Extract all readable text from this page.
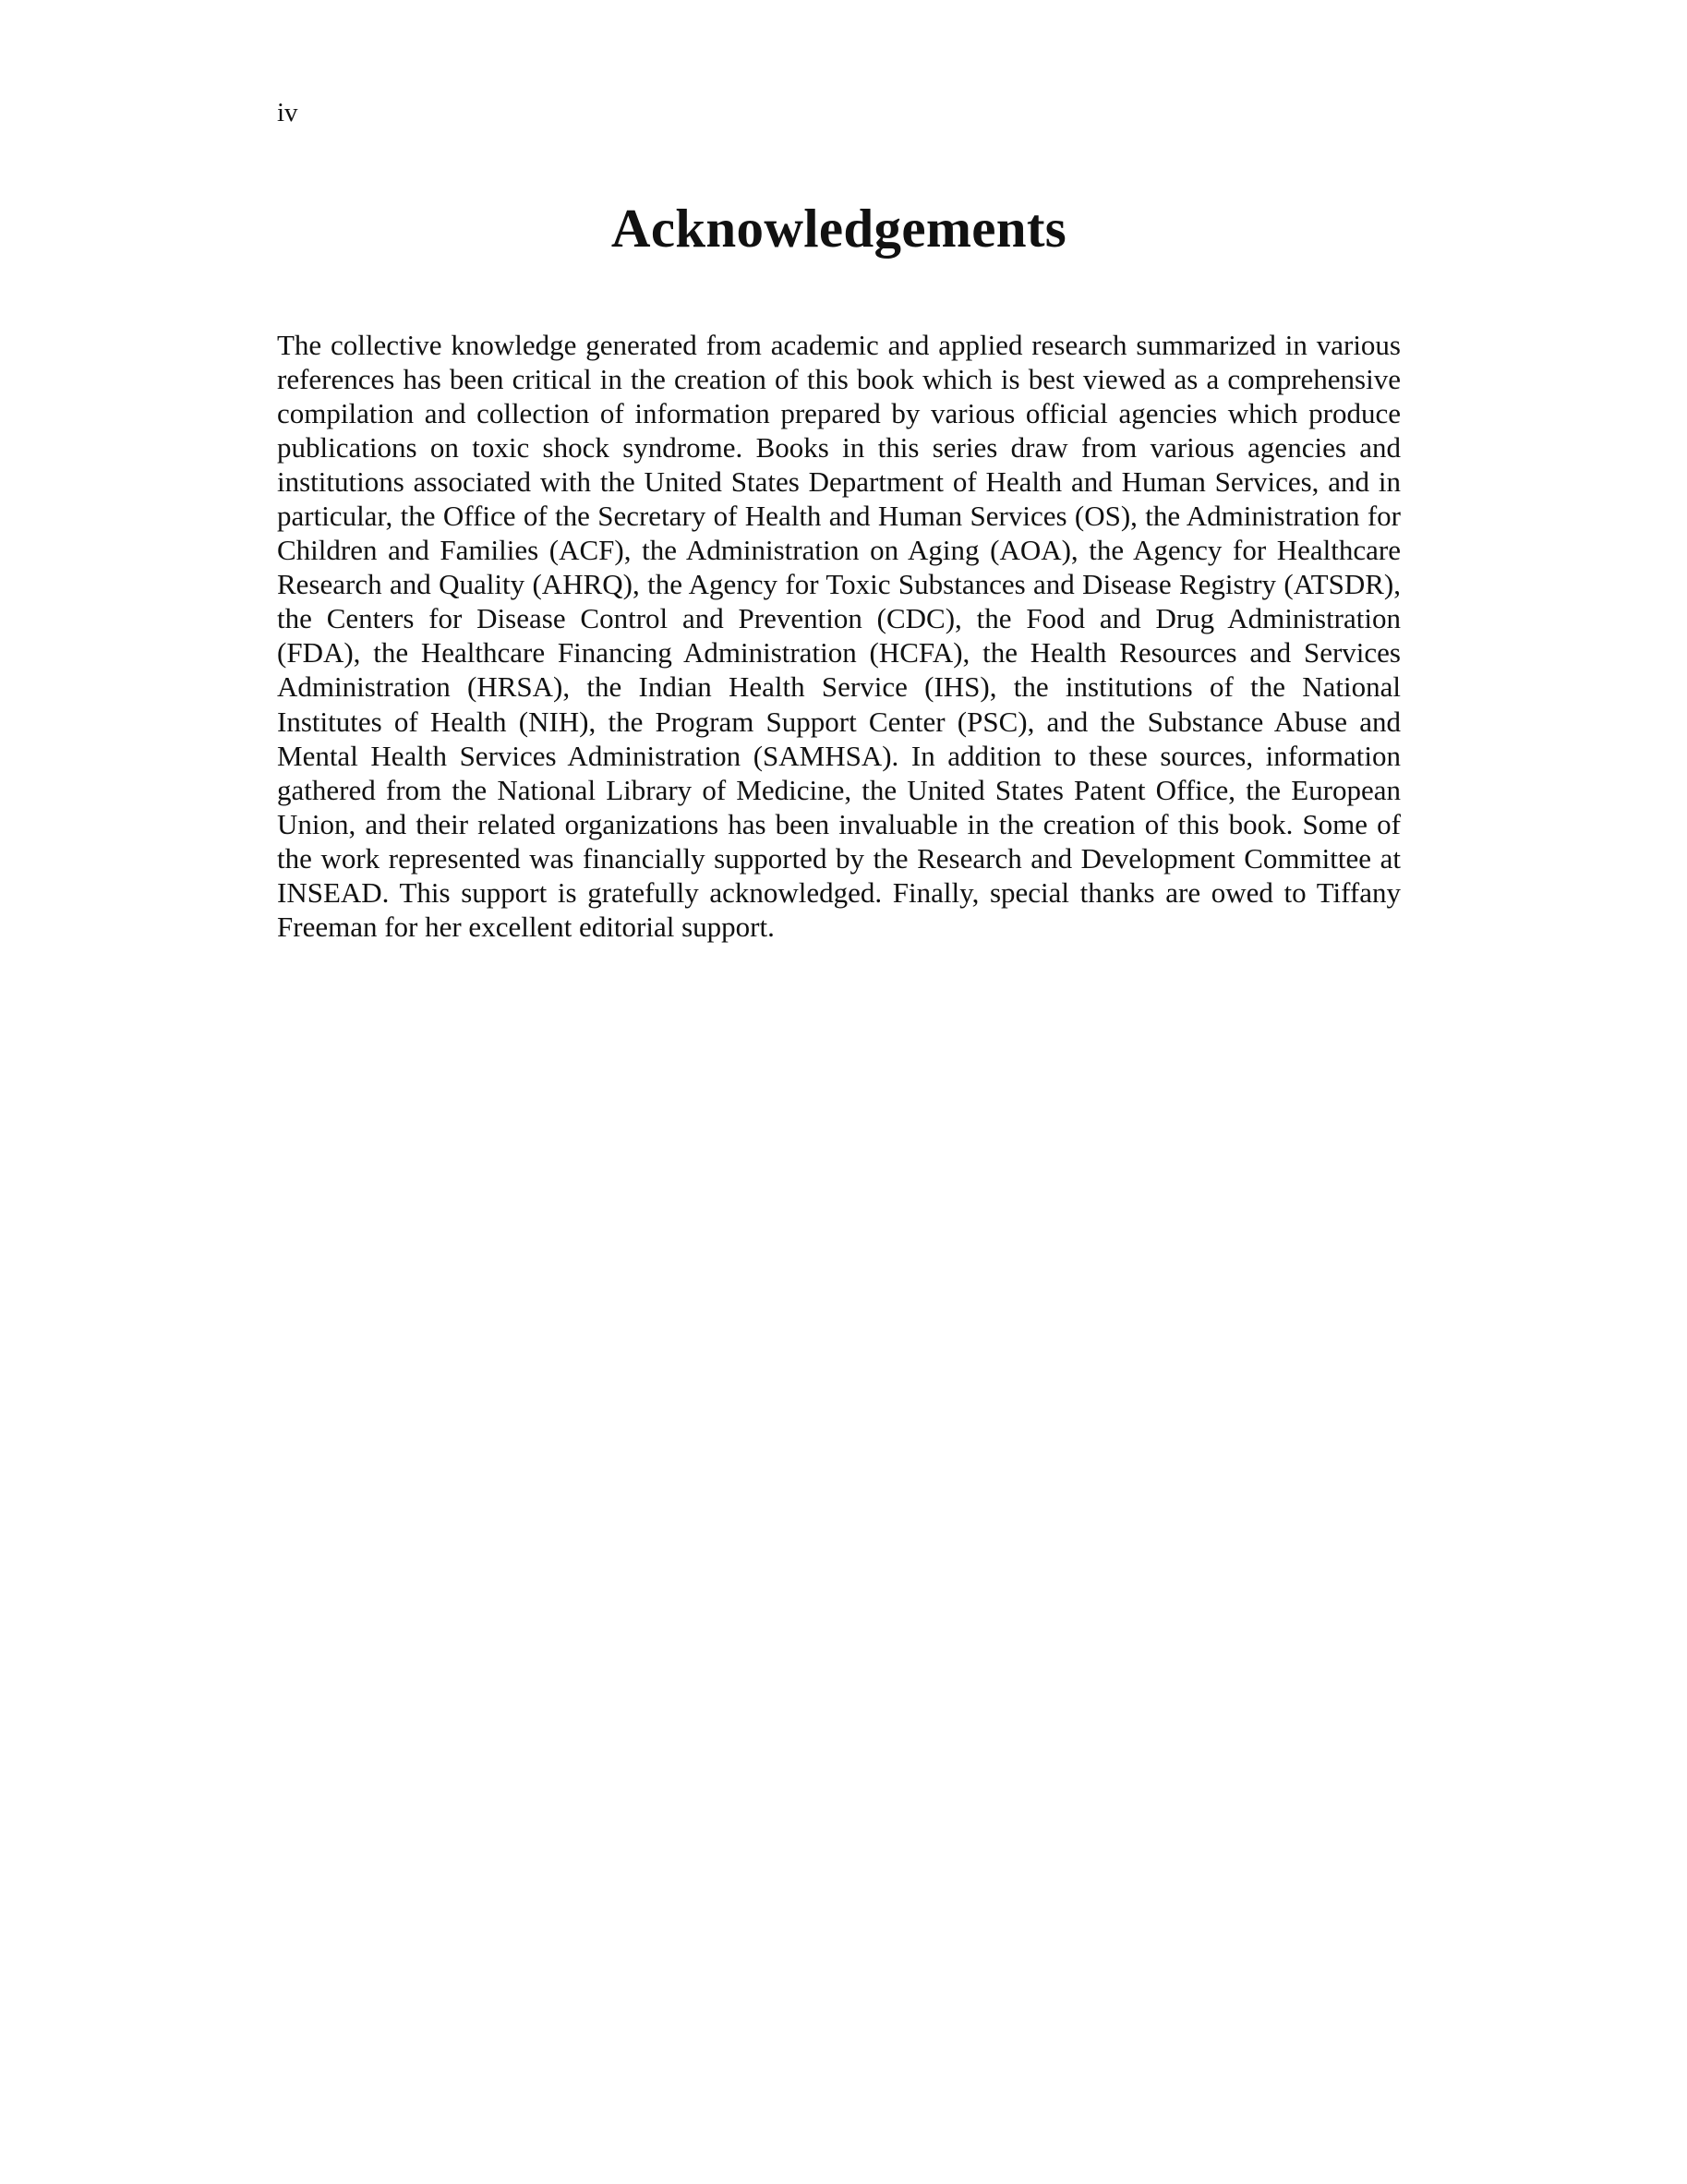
iv

Acknowledgements

The collective knowledge generated from academic and applied research summarized in various references has been critical in the creation of this book which is best viewed as a comprehensive compilation and collection of information prepared by various official agencies which produce publications on toxic shock syndrome. Books in this series draw from various agencies and institutions associated with the United States Department of Health and Human Services, and in particular, the Office of the Secretary of Health and Human Services (OS), the Administration for Children and Families (ACF), the Administration on Aging (AOA), the Agency for Healthcare Research and Quality (AHRQ), the Agency for Toxic Substances and Disease Registry (ATSDR), the Centers for Disease Control and Prevention (CDC), the Food and Drug Administration (FDA), the Healthcare Financing Administration (HCFA), the Health Resources and Services Administration (HRSA), the Indian Health Service (IHS), the institutions of the National Institutes of Health (NIH), the Program Support Center (PSC), and the Substance Abuse and Mental Health Services Administration (SAMHSA). In addition to these sources, information gathered from the National Library of Medicine, the United States Patent Office, the European Union, and their related organizations has been invaluable in the creation of this book. Some of the work represented was financially supported by the Research and Development Committee at INSEAD. This support is gratefully acknowledged. Finally, special thanks are owed to Tiffany Freeman for her excellent editorial support.
